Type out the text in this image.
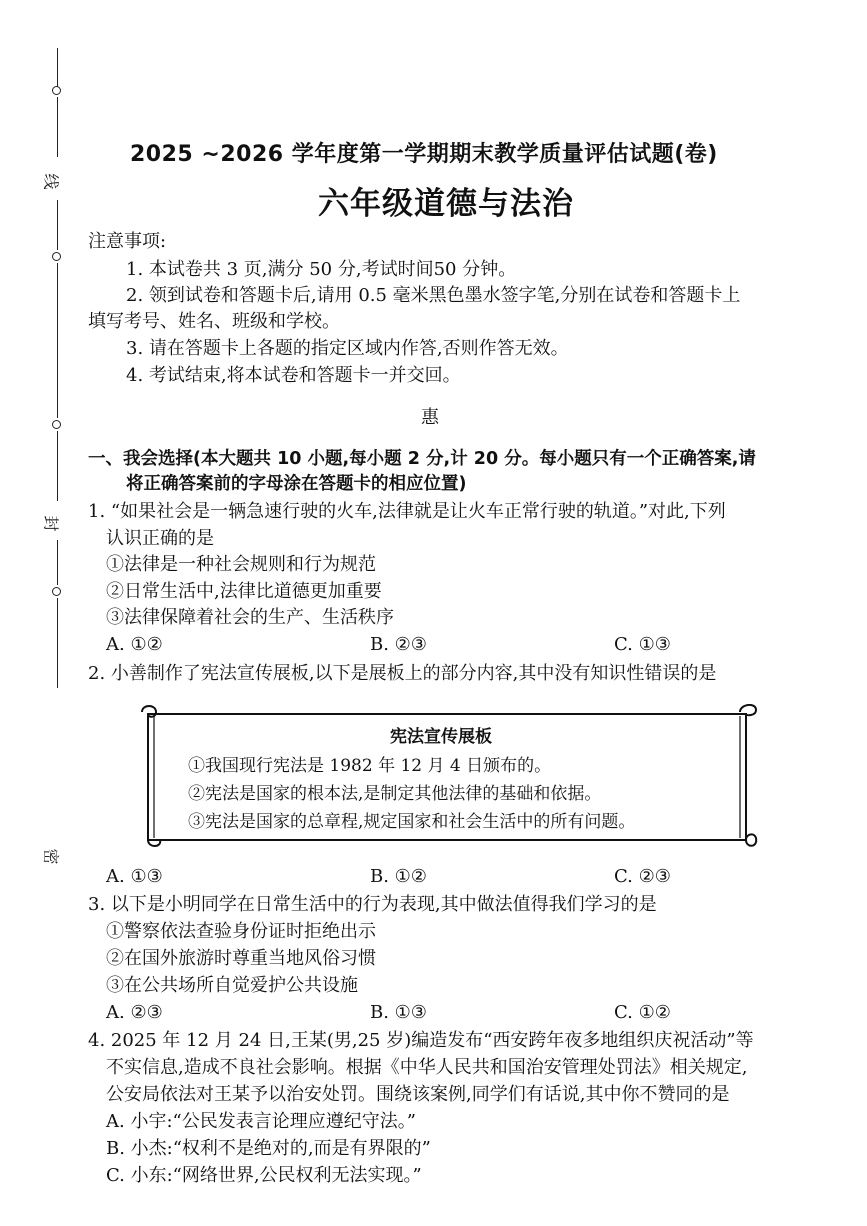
线
封
密
2025 ~2026 学年度第一学期期末教学质量评估试题(卷)
六年级道德与法治
注意事项:
1. 本试卷共 3 页,满分 50 分,考试时间50 分钟。
2. 领到试卷和答题卡后,请用 0.5 毫米黑色墨水签字笔,分别在试卷和答题卡上
填写考号、姓名、班级和学校。
3. 请在答题卡上各题的指定区域内作答,否则作答无效。
4. 考试结束,将本试卷和答题卡一并交回。
惠
一、我会选择(本大题共 10 小题,每小题 2 分,计 20 分。每小题只有一个正确答案,请
将正确答案前的字母涂在答题卡的相应位置)
1. “如果社会是一辆急速行驶的火车,法律就是让火车正常行驶的轨道。”对此,下列
认识正确的是
①法律是一种社会规则和行为规范
②日常生活中,法律比道德更加重要
③法律保障着社会的生产、生活秩序
A. ①②	B. ②③	C. ①③
2. 小善制作了宪法宣传展板,以下是展板上的部分内容,其中没有知识性错误的是
宪法宣传展板
①我国现行宪法是 1982 年 12 月 4 日颁布的。
②宪法是国家的根本法,是制定其他法律的基础和依据。
③宪法是国家的总章程,规定国家和社会生活中的所有问题。
A. ①③	B. ①②	C. ②③
3. 以下是小明同学在日常生活中的行为表现,其中做法值得我们学习的是
①警察依法查验身份证时拒绝出示
②在国外旅游时尊重当地风俗习惯
③在公共场所自觉爱护公共设施
A. ②③	B. ①③	C. ①②
4. 2025 年 12 月 24 日,王某(男,25 岁)编造发布“西安跨年夜多地组织庆祝活动”等
不实信息,造成不良社会影响。根据《中华人民共和国治安管理处罚法》相关规定,
公安局依法对王某予以治安处罚。围绕该案例,同学们有话说,其中你不赞同的是
A. 小宇:“公民发表言论理应遵纪守法。”
B. 小杰:“权利不是绝对的,而是有界限的”
C. 小东:“网络世界,公民权利无法实现。”
